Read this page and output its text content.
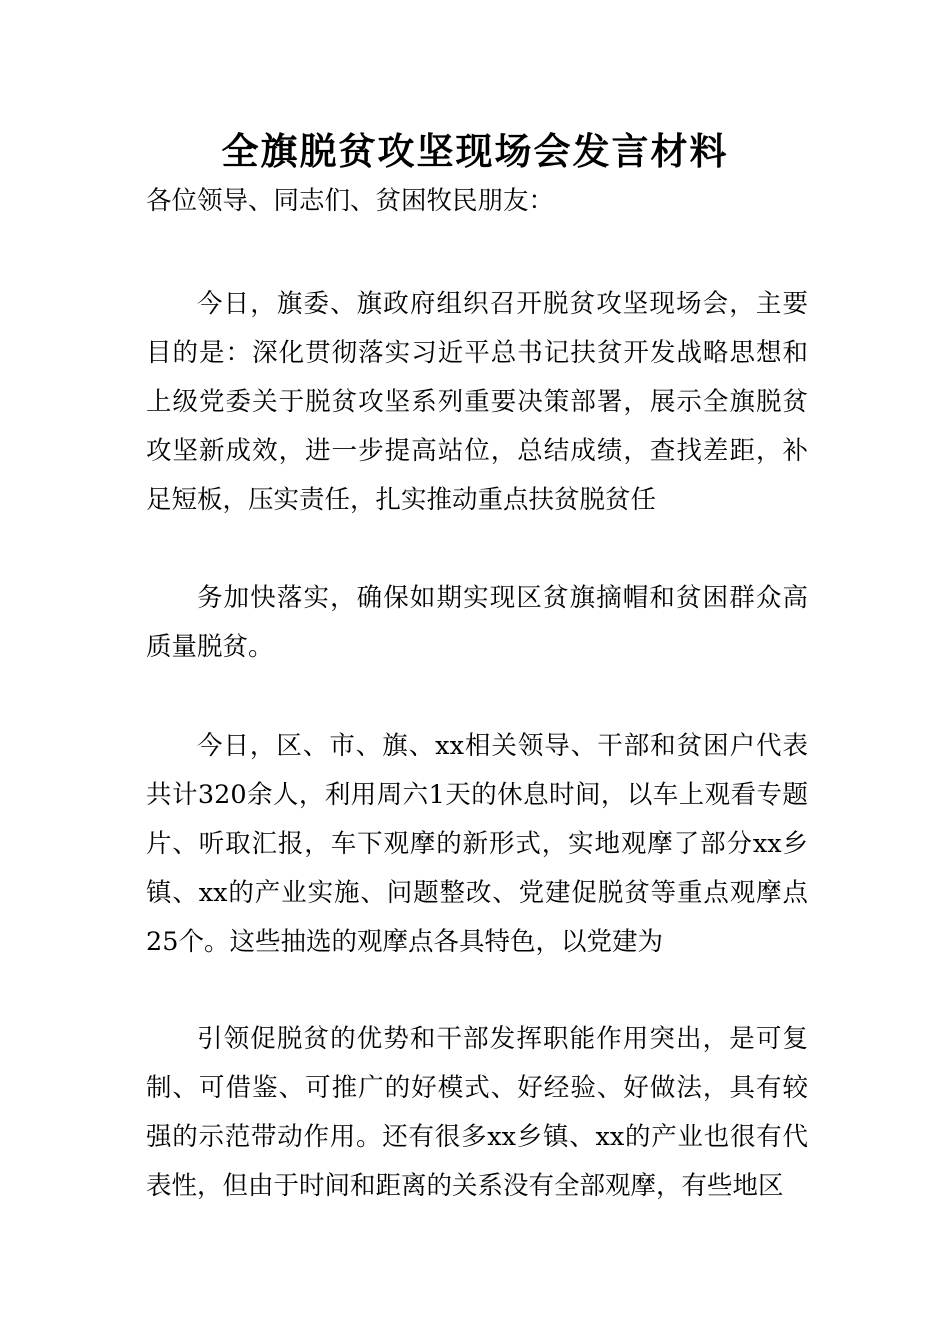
全旗脱贫攻坚现场会发言材料

各位领导、同志们、贫困牧民朋友：

今日，旗委、旗政府组织召开脱贫攻坚现场会，主要目的是：深化贯彻落实习近平总书记扶贫开发战略思想和上级党委关于脱贫攻坚系列重要决策部署，展示全旗脱贫攻坚新成效，进一步提高站位，总结成绩，查找差距，补足短板，压实责任，扎实推动重点扶贫脱贫任

务加快落实，确保如期实现区贫旗摘帽和贫困群众高质量脱贫。

今日，区、市、旗、xx相关领导、干部和贫困户代表共计320余人，利用周六1天的休息时间，以车上观看专题片、听取汇报，车下观摩的新形式，实地观摩了部分xx乡镇、xx的产业实施、问题整改、党建促脱贫等重点观摩点25个。这些抽选的观摩点各具特色，以党建为

引领促脱贫的优势和干部发挥职能作用突出，是可复制、可借鉴、可推广的好模式、好经验、好做法，具有较强的示范带动作用。还有很多xx乡镇、xx的产业也很有代表性，但由于时间和距离的关系没有全部观摩，有些地区
